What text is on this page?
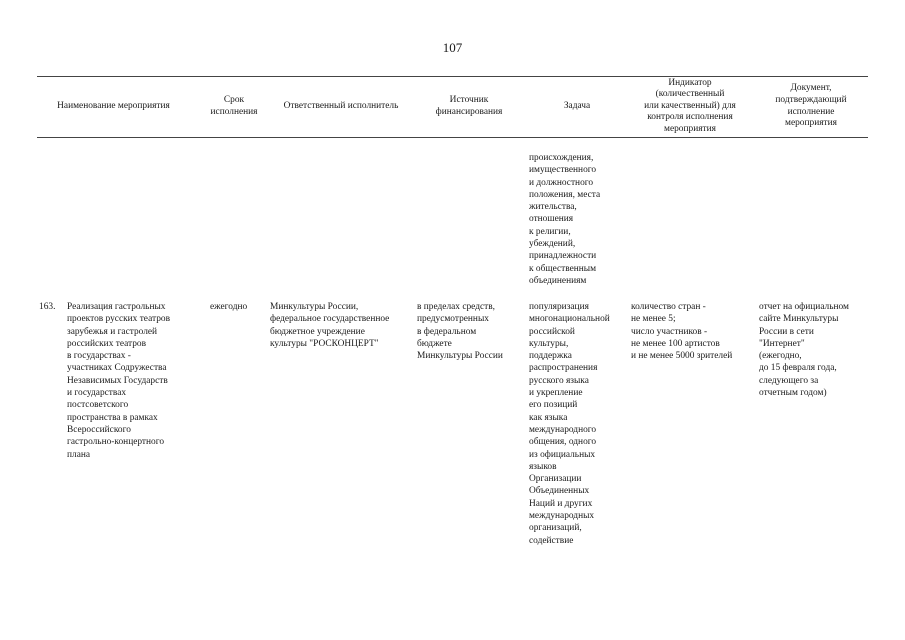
107
Наименование мероприятия
Срок
исполнения
Ответственный исполнитель
Источник
финансирования
Задача
Индикатор
(количественный
или качественный) для
контроля исполнения
мероприятия
Документ,
подтверждающий
исполнение
мероприятия
происхождения,
имущественного
и должностного
положения, места
жительства,
отношения
к религии,
убеждений,
принадлежности
к общественным
объединениям
163. Реализация гастрольных
проектов русских театров
зарубежья и гастролей
российских театров
в государствах -
участниках Содружества
Независимых Государств
и государствах
постсоветского
пространства в рамках
Всероссийского
гастрольно-концертного
плана
ежегодно Минкультуры России,
федеральное государственное
бюджетное учреждение
культуры "РОСКОНЦЕРТ"
в пределах средств,
предусмотренных
в федеральном
бюджете
Минкультуры России
популяризация
многонациональной
российской
культуры,
поддержка
распространения
русского языка
и укрепление
его позиций
как языка
международного
общения, одного
из официальных
языков
Организации
Объединенных
Наций и других
международных
организаций,
содействие
количество стран -
не менее 5;
число участников -
не менее 100 артистов
и не менее 5000 зрителей
отчет на официальном
сайте Минкультуры
России в сети
"Интернет"
(ежегодно,
до 15 февраля года,
следующего за
отчетным годом)
